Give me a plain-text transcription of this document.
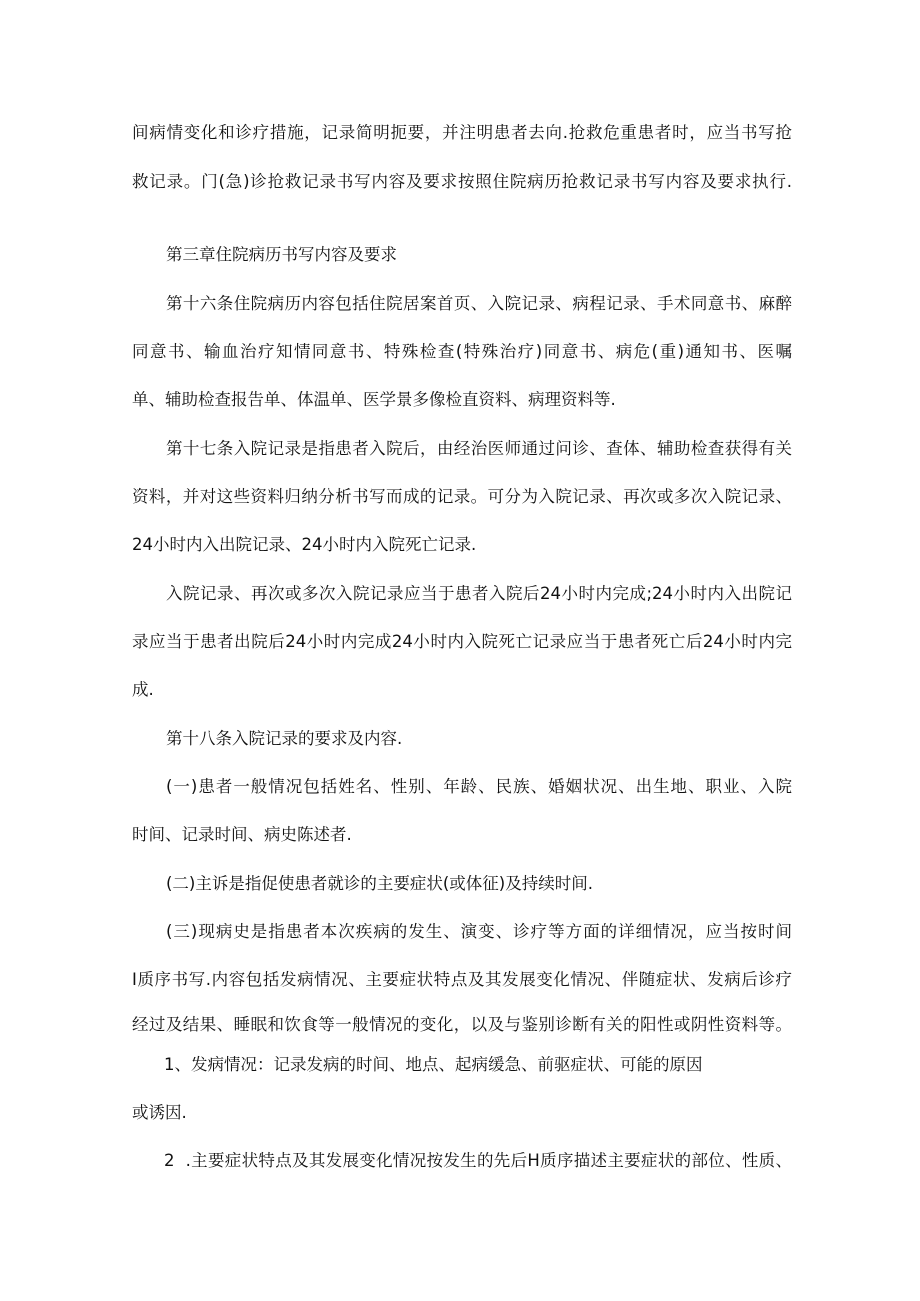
间病情变化和诊疗措施，记录简明扼要，并注明患者去向.抢救危重患者时，应当书写抢
救记录。门(急)诊抢救记录书写内容及要求按照住院病历抢救记录书写内容及要求执行.
第三章住院病历书写内容及要求
第十六条住院病历内容包括住院居案首页、入院记录、病程记录、手术同意书、麻醉
同意书、输血治疗知情同意书、特殊检查(特殊治疗)同意书、病危(重)通知书、医嘱
单、辅助检查报告单、体温单、医学景多像检直资料、病理资料等.
第十七条入院记录是指患者入院后，由经治医师通过问诊、查体、辅助检查获得有关
资料，并对这些资料归纳分析书写而成的记录。可分为入院记录、再次或多次入院记录、
24小时内入出院记录、24小时内入院死亡记录.
入院记录、再次或多次入院记录应当于患者入院后24小时内完成;24小时内入出院记
录应当于患者出院后24小时内完成24小时内入院死亡记录应当于患者死亡后24小时内完
成.
第十八条入院记录的要求及内容.
(一)患者一般情况包括姓名、性别、年龄、民族、婚姻状况、出生地、职业、入院
时间、记录时间、病史陈述者.
(二)主诉是指促使患者就诊的主要症状(或体征)及持续时间.
(三)现病史是指患者本次疾病的发生、演变、诊疗等方面的详细情况，应当按时间
I质序书写.内容包括发病情况、主要症状特点及其发展变化情况、伴随症状、发病后诊疗
经过及结果、睡眠和饮食等一般情况的变化，以及与鉴别诊断有关的阳性或阴性资料等。
1、发病情况：记录发病的时间、地点、起病缓急、前驱症状、可能的原因
或诱因.
2  .主要症状特点及其发展变化情况按发生的先后H质序描述主要症状的部位、性质、
